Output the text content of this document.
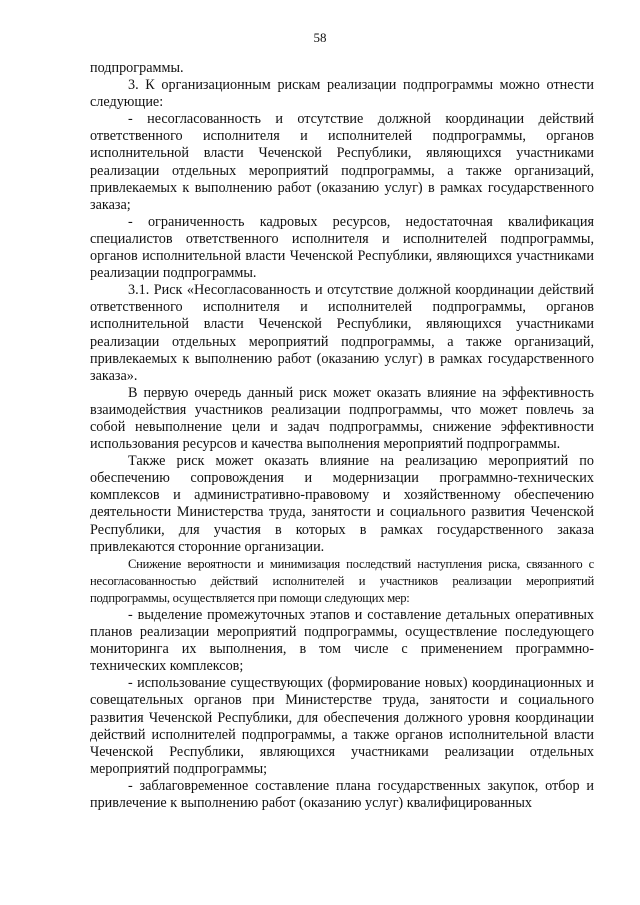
58

подпрограммы.

3. К организационным рискам реализации подпрограммы можно отнести следующие:

- несогласованность и отсутствие должной координации действий ответственного исполнителя и исполнителей подпрограммы, органов исполнительной власти Чеченской Республики, являющихся участниками реализации отдельных мероприятий подпрограммы, а также организаций, привлекаемых к выполнению работ (оказанию услуг) в рамках государственного заказа;

- ограниченность кадровых ресурсов, недостаточная квалификация специалистов ответственного исполнителя и исполнителей подпрограммы, органов исполнительной власти Чеченской Республики, являющихся участниками реализации подпрограммы.

3.1. Риск «Несогласованность и отсутствие должной координации действий ответственного исполнителя и исполнителей подпрограммы, органов исполнительной власти Чеченской Республики, являющихся участниками реализации отдельных мероприятий подпрограммы, а также организаций, привлекаемых к выполнению работ (оказанию услуг) в рамках государственного заказа».

В первую очередь данный риск может оказать влияние на эффективность взаимодействия участников реализации подпрограммы, что может повлечь за собой невыполнение цели и задач подпрограммы, снижение эффективности использования ресурсов и качества выполнения мероприятий подпрограммы.

Также риск может оказать влияние на реализацию мероприятий по обеспечению сопровождения и модернизации программно-технических комплексов и административно-правовому и хозяйственному обеспечению деятельности Министерства труда, занятости и социального развития Чеченской Республики, для участия в которых в рамках государственного заказа привлекаются сторонние организации.

Снижение вероятности и минимизация последствий наступления риска, связанного с несогласованностью действий исполнителей и участников реализации мероприятий подпрограммы, осуществляется при помощи следующих мер:

- выделение промежуточных этапов и составление детальных оперативных планов реализации мероприятий подпрограммы, осуществление последующего мониторинга их выполнения, в том числе с применением программно-технических комплексов;

- использование существующих (формирование новых) координационных и совещательных органов при Министерстве труда, занятости и социального развития Чеченской Республики, для обеспечения должного уровня координации действий исполнителей подпрограммы, а также органов исполнительной власти Чеченской Республики, являющихся участниками реализации отдельных мероприятий подпрограммы;

- заблаговременное составление плана государственных закупок, отбор и привлечение к выполнению работ (оказанию услуг) квалифицированных
